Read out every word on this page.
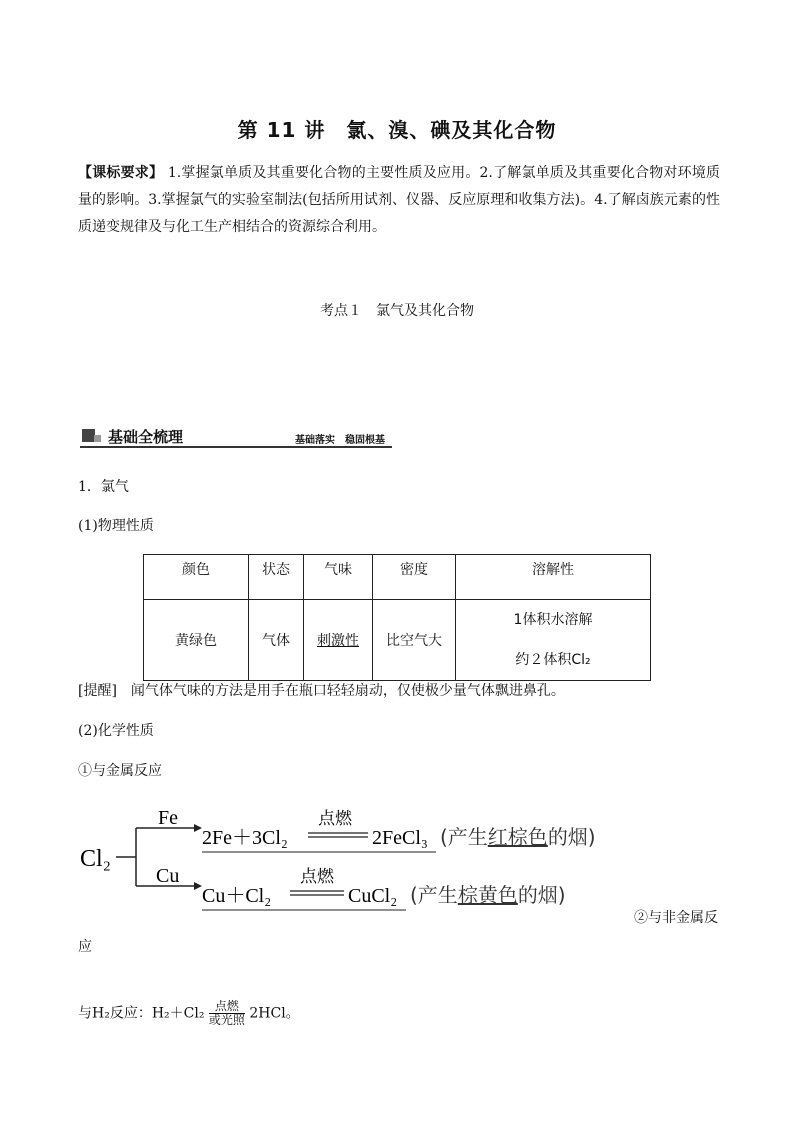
第 11 讲　氯、溴、碘及其化合物
【课标要求】 1.掌握氯单质及其重要化合物的主要性质及应用。2.了解氯单质及其重要化合物对环境质量的影响。3.掌握氯气的实验室制法(包括所用试剂、仪器、反应原理和收集方法)。4.了解卤族元素的性质递变规律及与化工生产相结合的资源综合利用。
考点１　氯气及其化合物
基础全梳理	基础落实　稳固根基
1．氯气
(1)物理性质
颜色	状态	气味	密度	溶解性
黄绿色	气体	刺激性	比空气大	1体积水溶解
约２体积Cl₂
[提醒]　闻气体气味的方法是用手在瓶口轻轻扇动，仅使极少量气体飘进鼻孔。
(2)化学性质
①与金属反应
Cl₂
Fe
Cu
2Fe＋3Cl₂
点燃
2FeCl₃ (产生红棕色的烟)
Cu＋Cl₂
点燃
CuCl₂ (产生棕黄色的烟)
②与非金属反
应
与H₂反应：$H_2+Cl_2 \frac{\text{点燃}}{\text{或光照}} 2HCl$。
